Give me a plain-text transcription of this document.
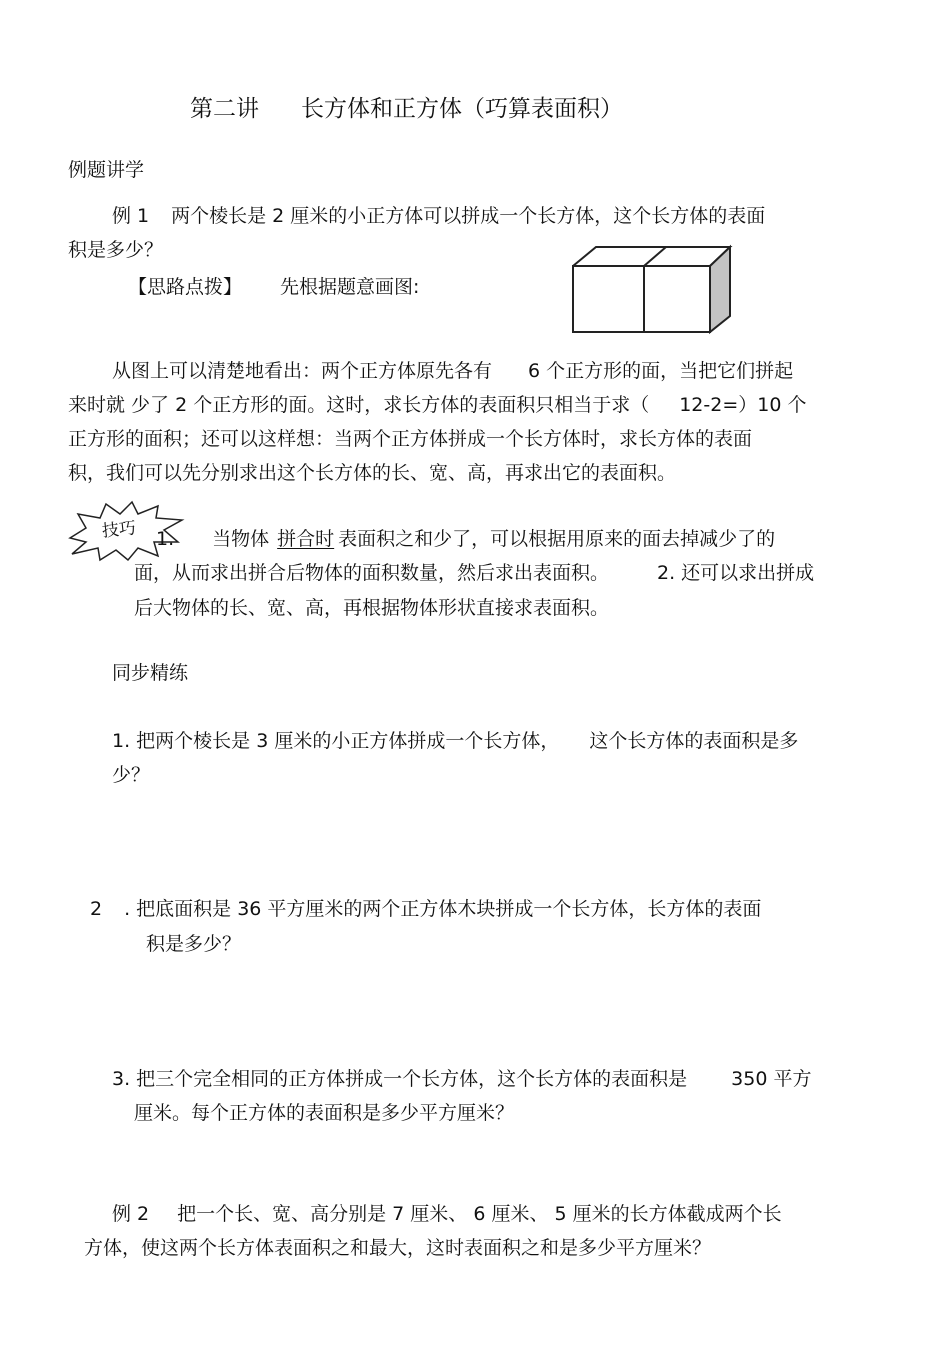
第二讲 长方体和正方体（巧算表面积）
例题讲学
例 1 两个棱长是 2 厘米的小正方体可以拼成一个长方体，这个长方体的表面
积是多少？
【思路点拨】 先根据题意画图:
从图上可以清楚地看出：两个正方体原先各有 6 个正方形的面，当把它们拼起
来时就 少了 2 个正方形的面。这时，求长方体的表面积只相当于求（ 12-2=）10 个
正方形的面积；还可以这样想：当两个正方体拼成一个长方体时，求长方体的表面
积，我们可以先分别求出这个长方体的长、宽、高，再求出它的表面积。
技巧 1. 当物体 拼合时 表面积之和少了，可以根据用原来的面去掉减少了的
面，从而求出拼合后物体的面积数量，然后求出表面积。	2. 还可以求出拼成
后大物体的长、宽、高，再根据物体形状直接求表面积。
同步精练
1. 把两个棱长是 3 厘米的小正方体拼成一个长方体， 这个长方体的表面积是多
少？
2 . 把底面积是 36 平方厘米的两个正方体木块拼成一个长方体，长方体的表面
积是多少？
3. 把三个完全相同的正方体拼成一个长方体，这个长方体的表面积是 350 平方
厘米。每个正方体的表面积是多少平方厘米？
例 2 把一个长、宽、高分别是 7 厘米、 6 厘米、 5 厘米的长方体截成两个长
方体，使这两个长方体表面积之和最大，这时表面积之和是多少平方厘米？
